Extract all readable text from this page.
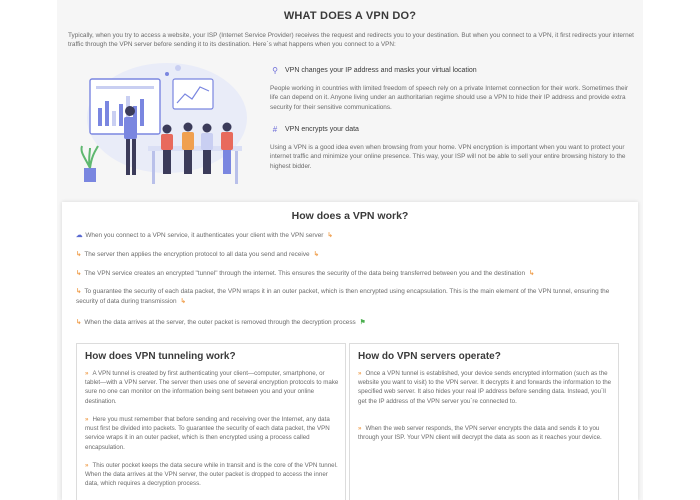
WHAT DOES A VPN DO?
Typically, when you try to access a website, your ISP (Internet Service Provider) receives the request and redirects you to your destination. But when you connect to a VPN, it first redirects your internet traffic through the VPN server before sending it to its destination. Here`s what happens when you connect to a VPN:
⚲ VPN changes your IP address and masks your virtual location
People working in countries with limited freedom of speech rely on a private Internet connection for their work. Sometimes their life can depend on it. Anyone living under an authoritarian regime should use a VPN to hide their IP address and provide extra security for their sensitive communications.
#	VPN encrypts your data
Using a VPN is a good idea even when browsing from your home. VPN encryption is important when you want to protect your internet traffic and minimize your online presence. This way, your ISP will not be able to sell your entire browsing history to the highest bidder.
How does a VPN work?
☁ When you connect to a VPN service, it authenticates your client with the VPN server ↳
↳ The server then applies the encryption protocol to all data you send and receive ↳
↳ The VPN service creates an encrypted "tunnel" through the internet. This ensures the security of the data being transferred between you and the destination ↳
↳ To guarantee the security of each data packet, the VPN wraps it in an outer packet, which is then encrypted using encapsulation. This is the main element of the VPN tunnel, ensuring the security of data during transmission ↳
↳ When the data arrives at the server, the outer packet is removed through the decryption process ⚑
How does VPN tunneling work?
» A VPN tunnel is created by first authenticating your client—computer, smartphone, or tablet—with a VPN server. The server then uses one of several encryption protocols to make sure no one can monitor on the information being sent between you and your online destination.
» Here you must remember that before sending and receiving over the Internet, any data must first be divided into packets. To guarantee the security of each data packet, the VPN service wraps it in an outer packet, which is then encrypted using a process called encapsulation.
» This outer pocket keeps the data secure while in transit and is the core of the VPN tunnel. When the data arrives at the VPN server, the outer packet is dropped to access the inner data, which requires a decryption process.
How do VPN servers operate?
» Once a VPN tunnel is established, your device sends encrypted information (such as the website you want to visit) to the VPN server. It decrypts it and forwards the information to the specified web server. It also hides your real IP address before sending data. Instead, you`ll get the IP address of the VPN server you`re connected to.
» When the web server responds, the VPN server encrypts the data and sends it to you through your ISP. Your VPN client will decrypt the data as soon as it reaches your device.
